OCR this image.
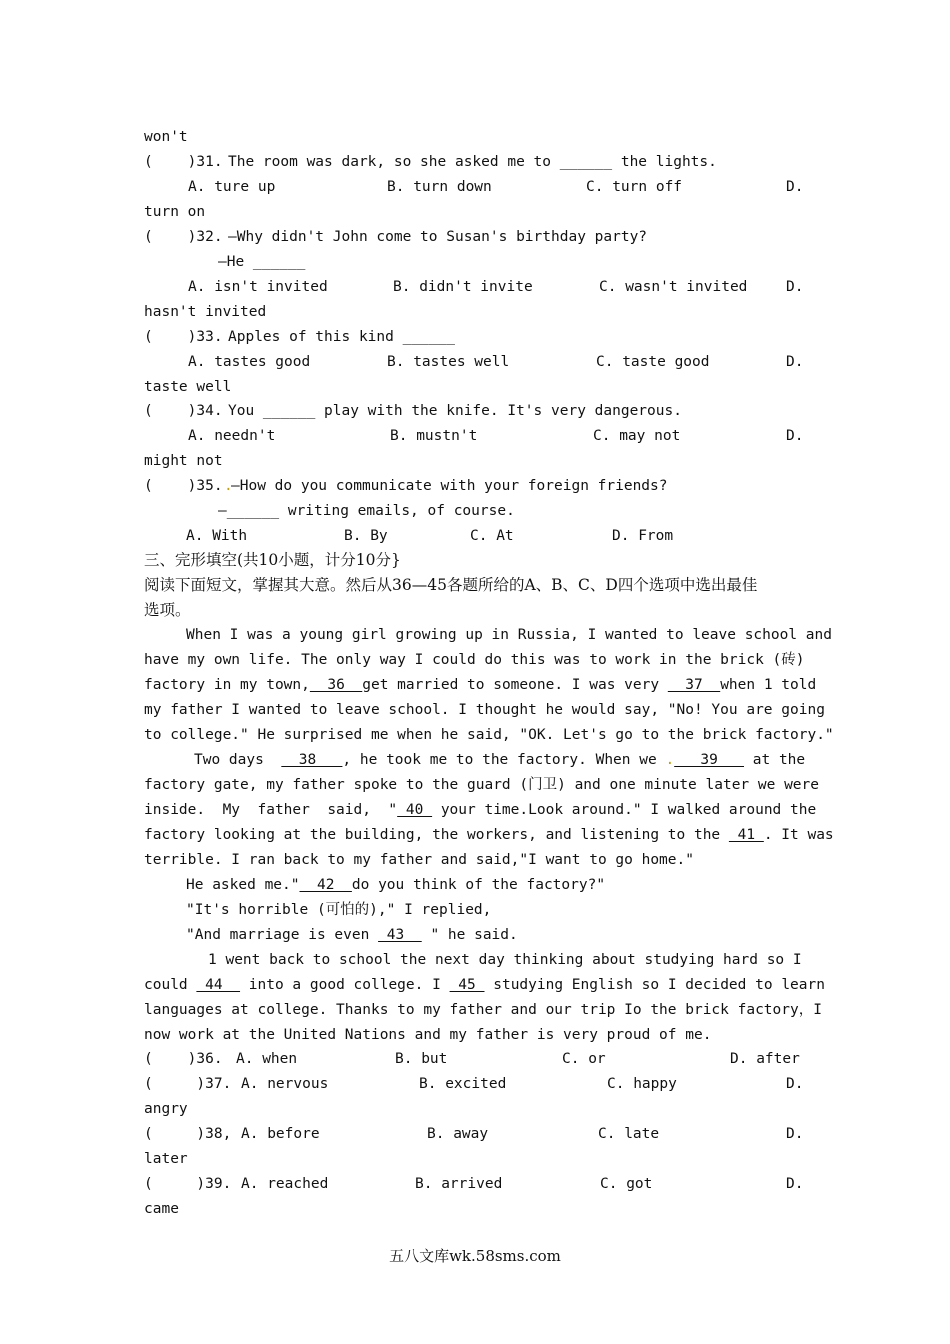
won't
(    )31. The room was dark, so she asked me to ______ the lights.
A. ture up	B. turn down	C. turn off	D.
turn on
(    )32. —Why didn't John come to Susan's birthday party?
—He ______
A. isn't invited	B. didn't invite	C. wasn't invited	D.
hasn't invited
(    )33. Apples of this kind ______
A. tastes good	B. tastes well	C. taste good	D.
taste well
(    )34. You ______ play with the knife. It's very dangerous.
A. needn't	B. mustn't	C. may not	D.
might not
(    )35. .
—How do you communicate with your foreign friends?
—______ writing emails, of course.
A. With	B. By	C. At	D. From
三、完形填空(共10小题，计分10分}
阅读下面短文，掌握其大意。然后从36—45各题所给的A、B、C、D四个选项中选出最佳
选项。
When I was a young girl growing up in Russia, I wanted to leave school and
have my own life. The only way I could do this was to work in the brick (砖)
factory in my town,  36  get married to someone. I was very   37  when 1 told
my father I wanted to leave school. I thought he would say, "No! You are going
to college." He surprised me when he said, "OK. Let's go to the brick factory."
Two days    38   , he took me to the factory. When we .   39    at the
factory gate, my father spoke to the guard (门卫) and one minute later we were
inside.  My  father  said,  " 40  your time.Look around." I walked around the
factory looking at the building, the workers, and listening to the  41 . It was
terrible. I ran back to my father and said,"I want to go home."
He asked me."  42  do you think of the factory?"
"It's horrible (可怕的)," I replied,
"And marriage is even  43   " he said.
1 went back to school the next day thinking about studying hard so I
could  44   into a good college. I  45  studying English so I decided to learn
languages at college. Thanks to my father and our trip Io the brick factory，I
now work at the United Nations and my father is very proud of me.
(    )36. A. when	B. but	C. or	D. after
(     )37. A. nervous	B. excited	C. happy	D.
angry
(     )38, A. before	B. away	C. late	D.
later
(     )39. A. reached	B. arrived	C. got	D.
came
五八文库wk.58sms.com
